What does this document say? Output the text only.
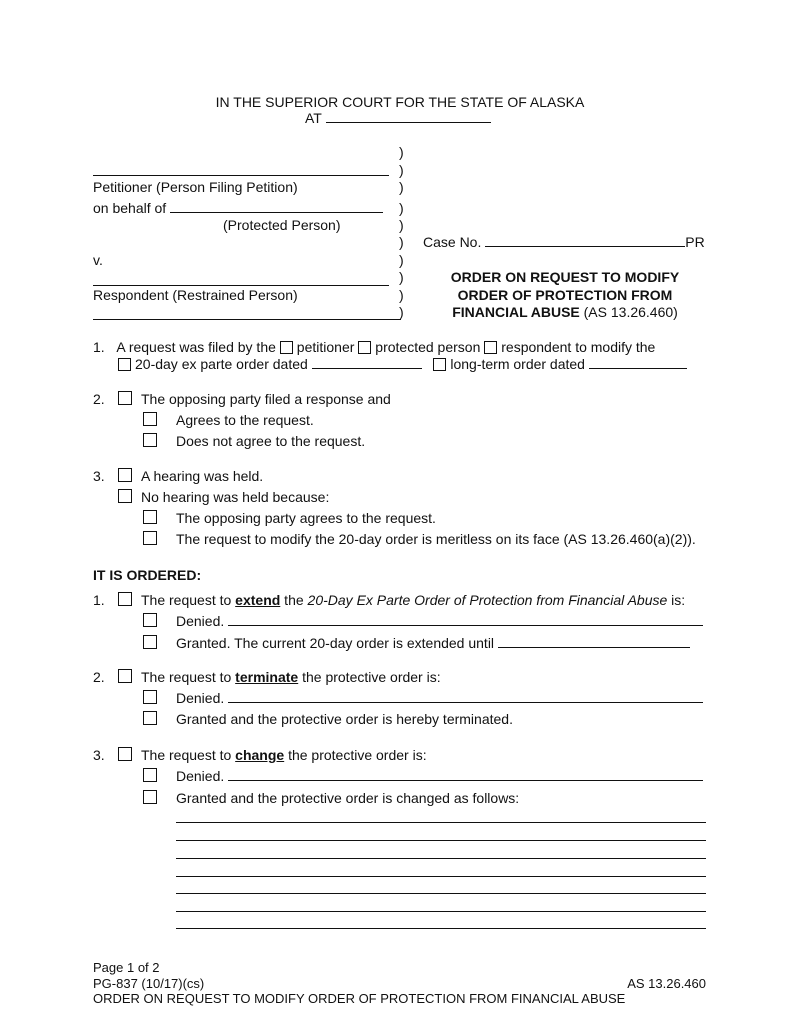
IN THE SUPERIOR COURT FOR THE STATE OF ALASKA
AT
)
)
)
)
)
)
)
)
)
)
Petitioner (Person Filing Petition)
on behalf of
(Protected Person)
v.
Respondent (Restrained Person)
Case No.	PR
ORDER ON REQUEST TO MODIFY
ORDER OF PROTECTION FROM
FINANCIAL ABUSE (AS 13.26.460)
1. A request was filed by the petitioner protected person respondent to modify the
20-day ex parte order dated	long-term order dated
2.	The opposing party filed a response and
Agrees to the request.
Does not agree to the request.
3.	A hearing was held.
No hearing was held because:
The opposing party agrees to the request.
The request to modify the 20-day order is meritless on its face (AS 13.26.460(a)(2)).
IT IS ORDERED:
1.	The request to extend the 20-Day Ex Parte Order of Protection from Financial Abuse is:
Denied.
Granted. The current 20-day order is extended until
2.	The request to terminate the protective order is:
Denied.
Granted and the protective order is hereby terminated.
3.	The request to change the protective order is:
Denied.
Granted and the protective order is changed as follows:
Page 1 of 2
PG-837 (10/17)(cs)	AS 13.26.460
ORDER ON REQUEST TO MODIFY ORDER OF PROTECTION FROM FINANCIAL ABUSE
